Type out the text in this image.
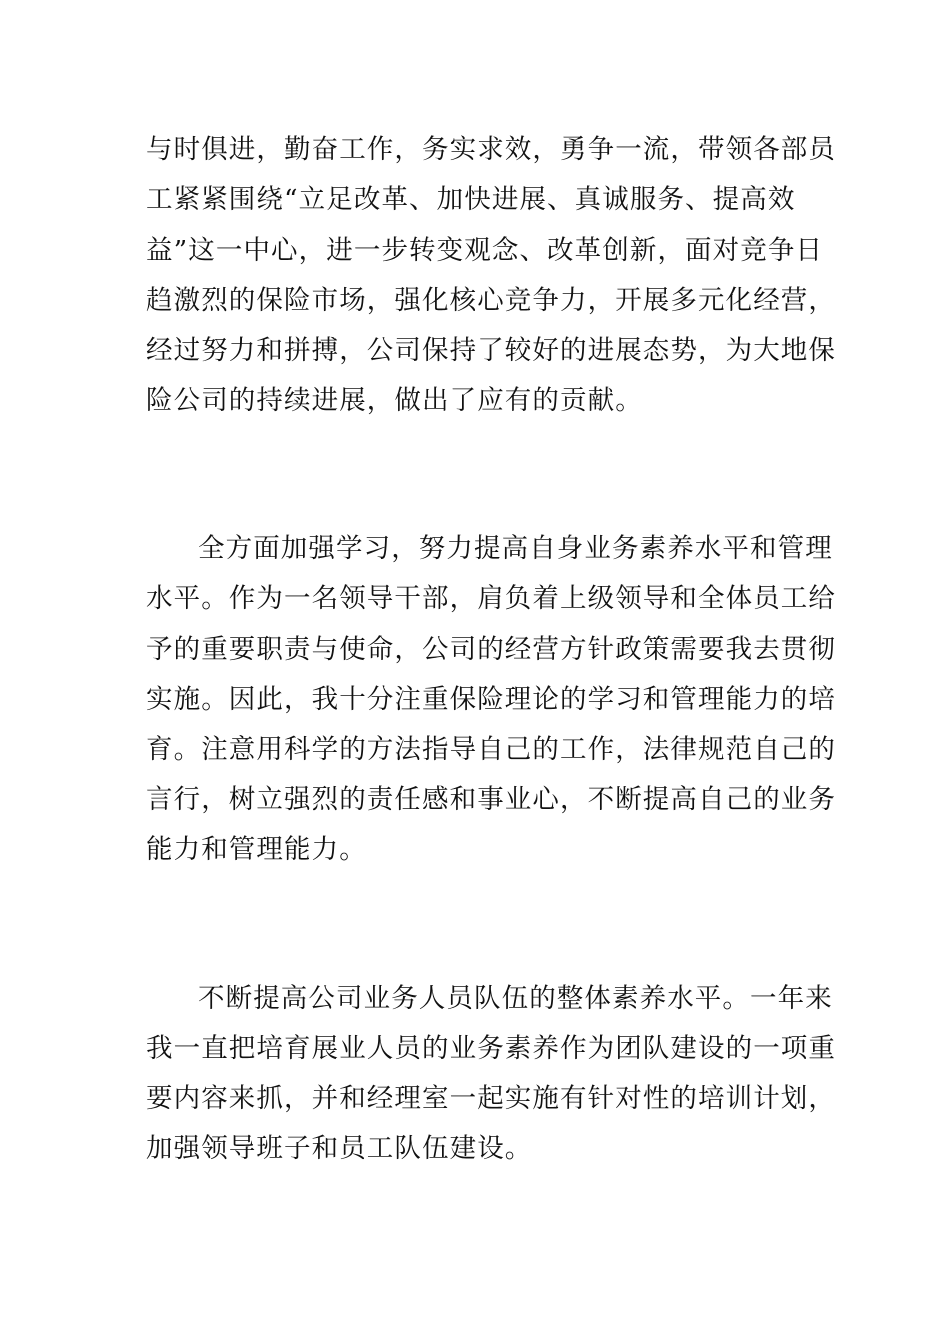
与时俱进，勤奋工作，务实求效，勇争一流，带领各部员
工紧紧围绕“立足改革、加快进展、真诚服务、提高效
益”这一中心，进一步转变观念、改革创新，面对竞争日
趋激烈的保险市场，强化核心竞争力，开展多元化经营，
经过努力和拼搏，公司保持了较好的进展态势，为大地保
险公司的持续进展，做出了应有的贡献。
全方面加强学习，努力提高自身业务素养水平和管理
水平。作为一名领导干部，肩负着上级领导和全体员工给
予的重要职责与使命，公司的经营方针政策需要我去贯彻
实施。因此，我十分注重保险理论的学习和管理能力的培
育。注意用科学的方法指导自己的工作，法律规范自己的
言行，树立强烈的责任感和事业心，不断提高自己的业务
能力和管理能力。
不断提高公司业务人员队伍的整体素养水平。一年来
我一直把培育展业人员的业务素养作为团队建设的一项重
要内容来抓，并和经理室一起实施有针对性的培训计划，
加强领导班子和员工队伍建设。
